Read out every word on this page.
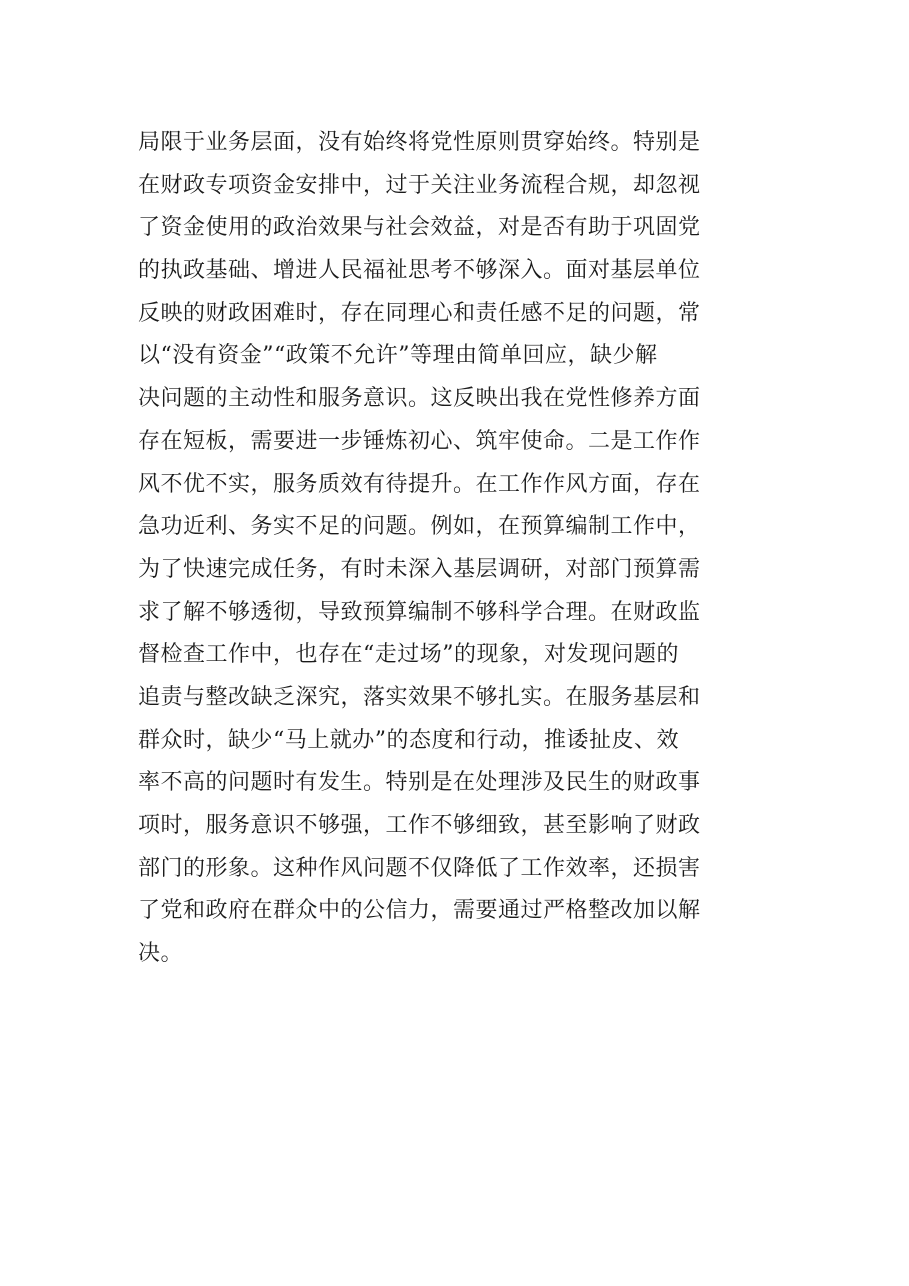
局限于业务层面，没有始终将党性原则贯穿始终。特别是
在财政专项资金安排中，过于关注业务流程合规，却忽视
了资金使用的政治效果与社会效益，对是否有助于巩固党
的执政基础、增进人民福祉思考不够深入。面对基层单位
反映的财政困难时，存在同理心和责任感不足的问题，常
以“没有资金”“政策不允许”等理由简单回应，缺少解
决问题的主动性和服务意识。这反映出我在党性修养方面
存在短板，需要进一步锤炼初心、筑牢使命。二是工作作
风不优不实，服务质效有待提升。在工作作风方面，存在
急功近利、务实不足的问题。例如，在预算编制工作中，
为了快速完成任务，有时未深入基层调研，对部门预算需
求了解不够透彻，导致预算编制不够科学合理。在财政监
督检查工作中，也存在“走过场”的现象，对发现问题的
追责与整改缺乏深究，落实效果不够扎实。在服务基层和
群众时，缺少“马上就办”的态度和行动，推诿扯皮、效
率不高的问题时有发生。特别是在处理涉及民生的财政事
项时，服务意识不够强，工作不够细致，甚至影响了财政
部门的形象。这种作风问题不仅降低了工作效率，还损害
了党和政府在群众中的公信力，需要通过严格整改加以解
决。
